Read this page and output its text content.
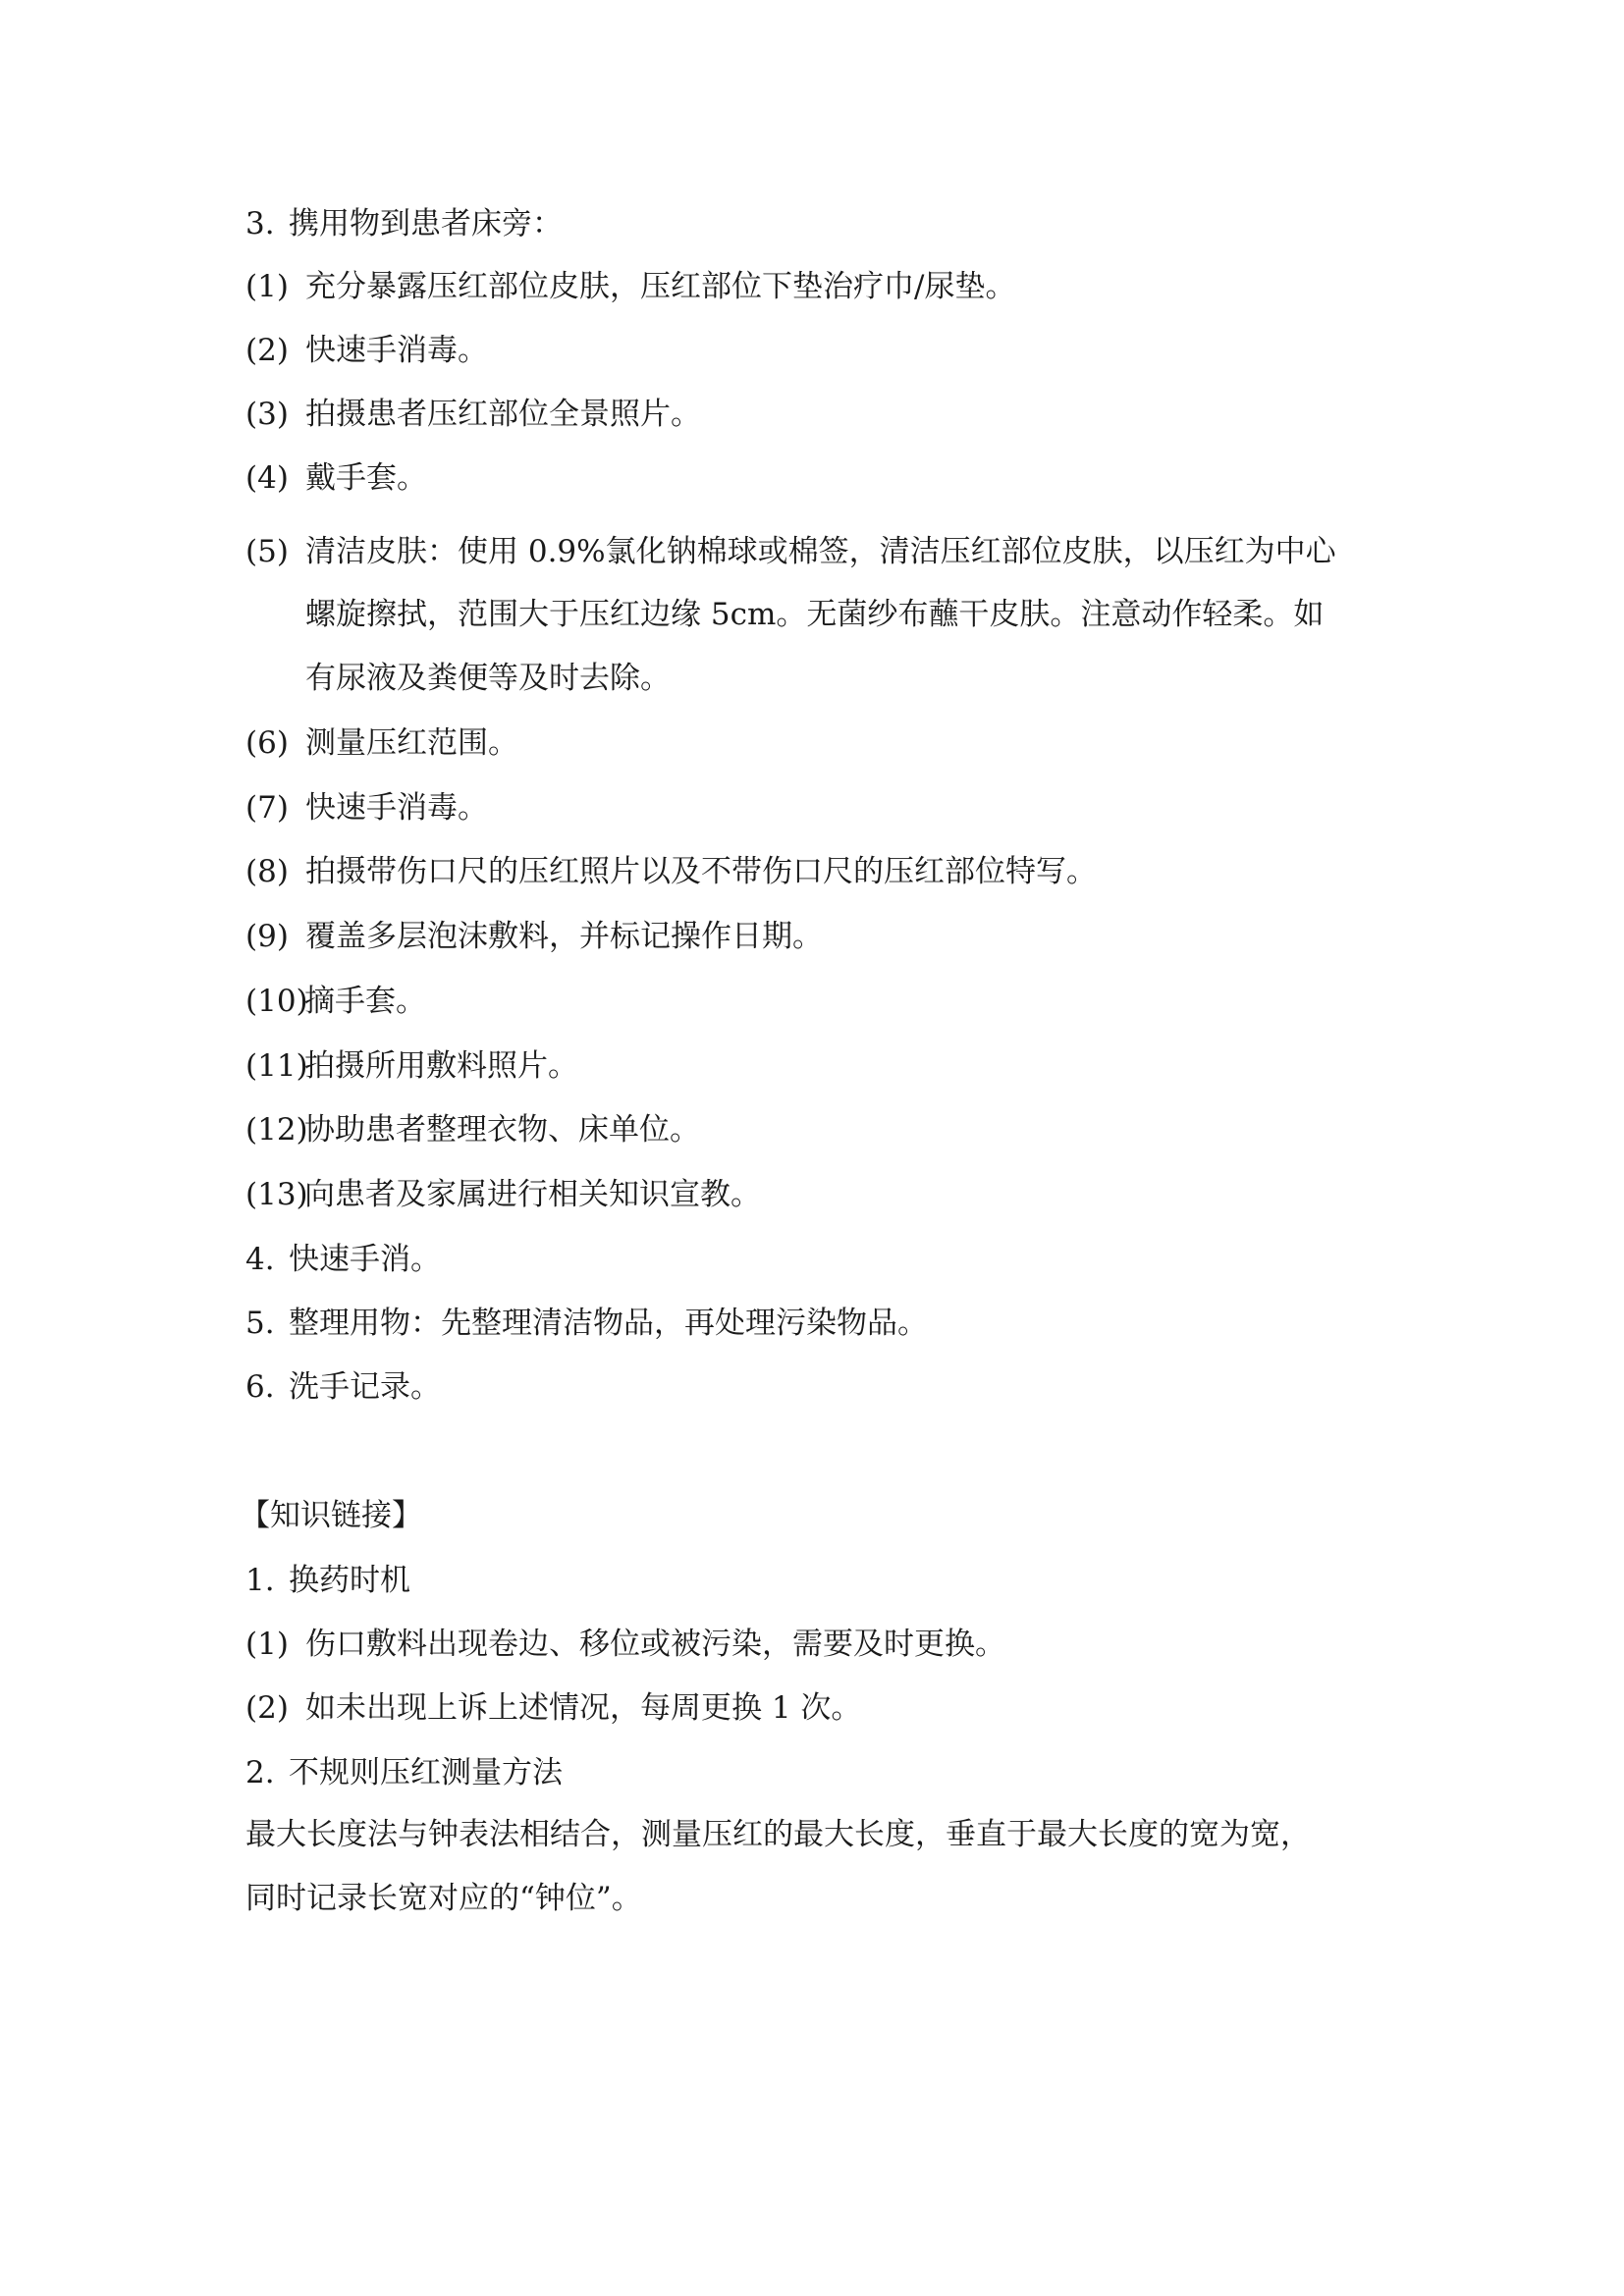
3. 携用物到患者床旁：
(1) 充分暴露压红部位皮肤，压红部位下垫治疗巾/尿垫。
(2) 快速手消毒。
(3) 拍摄患者压红部位全景照片。
(4) 戴手套。
(5) 清洁皮肤：使用 0.9%氯化钠棉球或棉签，清洁压红部位皮肤，以压红为中心
螺旋擦拭，范围大于压红边缘 5cm。无菌纱布蘸干皮肤。注意动作轻柔。如
有尿液及粪便等及时去除。
(6) 测量压红范围。
(7) 快速手消毒。
(8) 拍摄带伤口尺的压红照片以及不带伤口尺的压红部位特写。
(9) 覆盖多层泡沫敷料，并标记操作日期。
(10)摘手套。
(11)拍摄所用敷料照片。
(12)协助患者整理衣物、床单位。
(13)向患者及家属进行相关知识宣教。
4. 快速手消。
5. 整理用物：先整理清洁物品，再处理污染物品。
6. 洗手记录。
【知识链接】
1. 换药时机
(1) 伤口敷料出现卷边、移位或被污染，需要及时更换。
(2) 如未出现上诉上述情况，每周更换 1 次。
2. 不规则压红测量方法
最大长度法与钟表法相结合，测量压红的最大长度，垂直于最大长度的宽为宽，
同时记录长宽对应的“钟位”。
